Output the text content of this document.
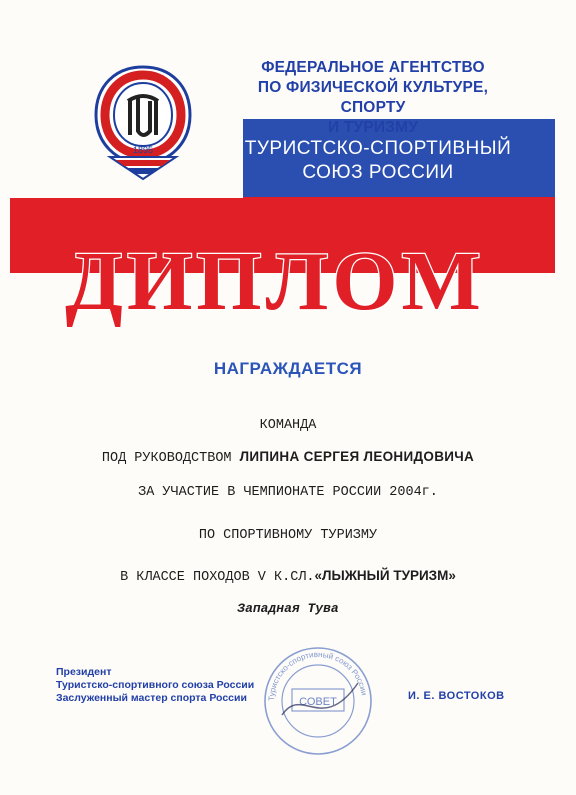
1895
ФЕДЕРАЛЬНОЕ АГЕНТСТВО
ПО ФИЗИЧЕСКОЙ КУЛЬТУРЕ, СПОРТУ
И ТУРИЗМУ
ТУРИСТСКО-СПОРТИВНЫЙ
СОЮЗ РОССИИ
ДИПЛОМ
НАГРАЖДАЕТСЯ
КОМАНДА
ПОД РУКОВОДСТВОМ ЛИПИНА СЕРГЕЯ ЛЕОНИДОВИЧА
ЗА УЧАСТИЕ В ЧЕМПИОНАТЕ РОССИИ 2004г.
ПО СПОРТИВНОМУ ТУРИЗМУ
В КЛАССЕ ПОХОДОВ V К.СЛ.«ЛЫЖНЫЙ ТУРИЗМ»
Западная Тува
Президент
Туристско-спортивного союза России
Заслуженный мастер спорта России	Туристско-спортивный союз России
СОВЕТ	И. Е. ВОСТОКОВ
